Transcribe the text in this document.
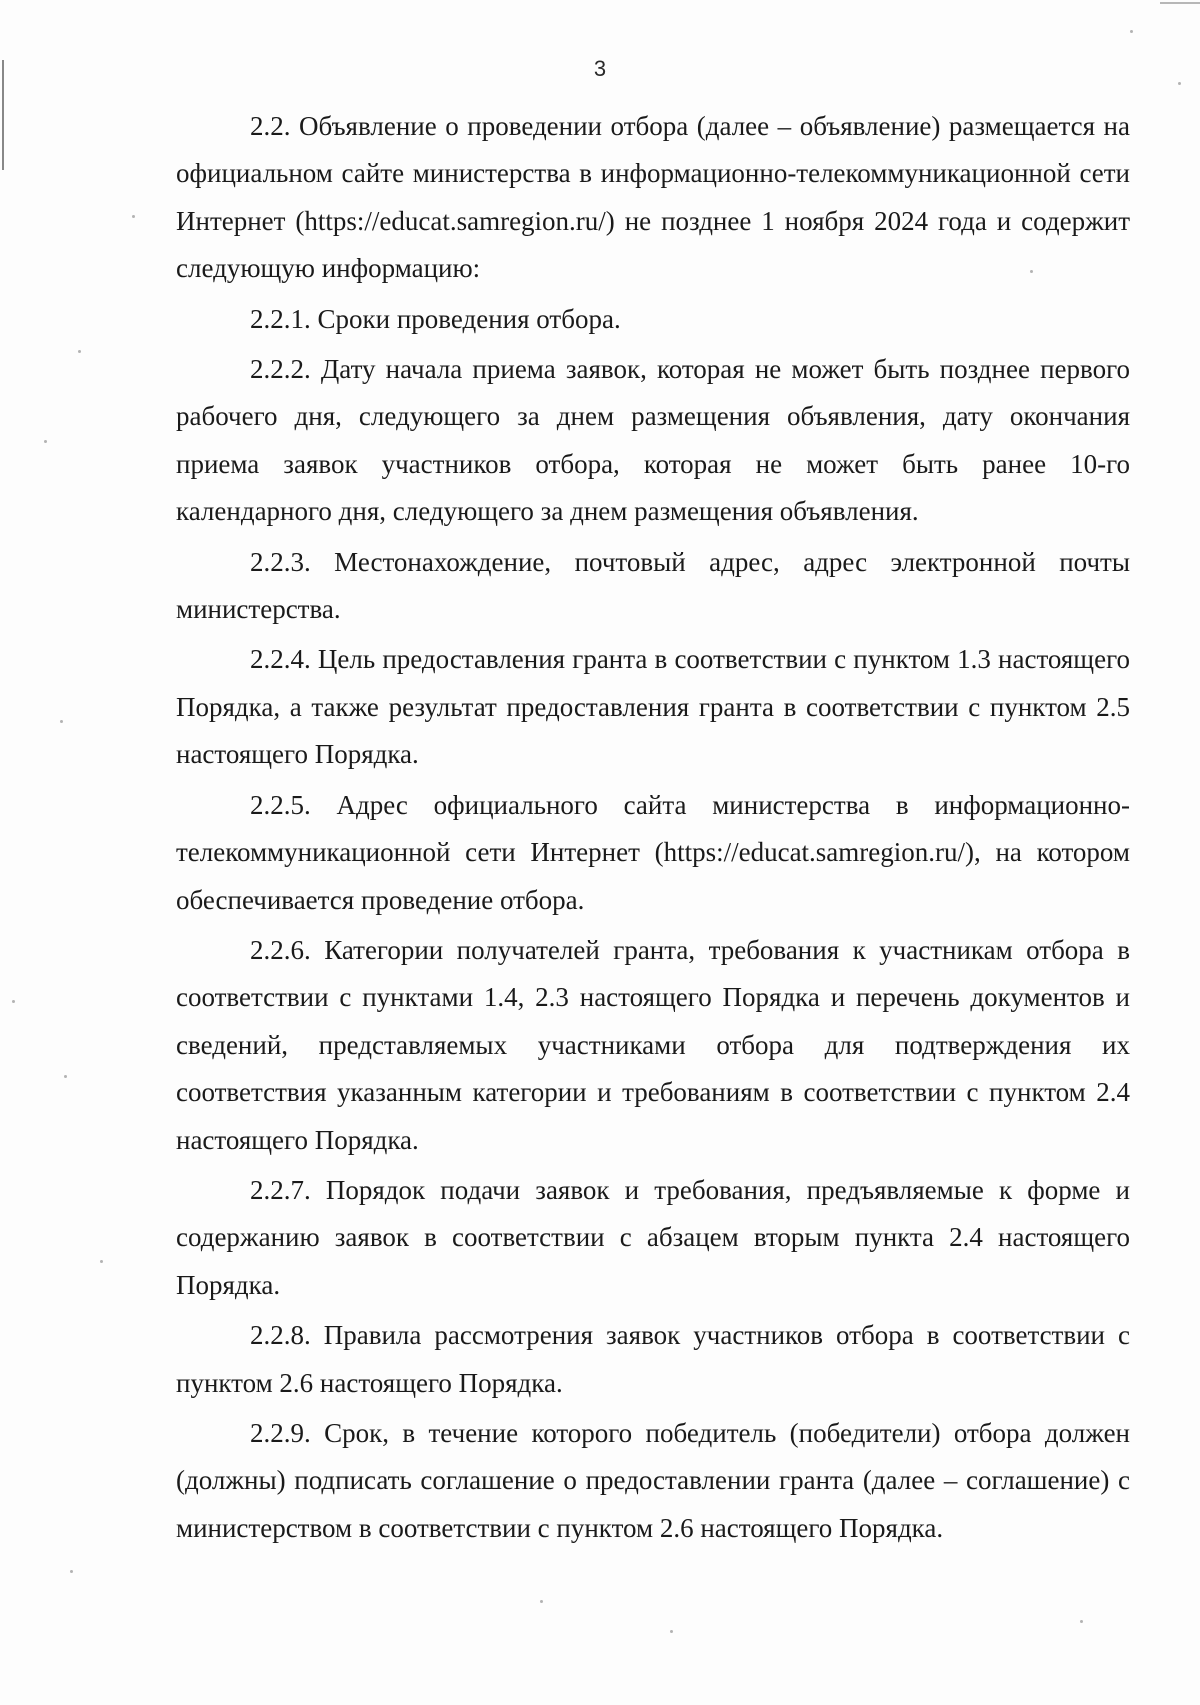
3

2.2. Объявление о проведении отбора (далее – объявление) размещается на официальном сайте министерства в информационно-телекоммуникационной сети Интернет (https://educat.samregion.ru/) не позднее 1 ноября 2024 года и содержит следующую информацию:

2.2.1. Сроки проведения отбора.

2.2.2. Дату начала приема заявок, которая не может быть позднее первого рабочего дня, следующего за днем размещения объявления, дату окончания приема заявок участников отбора, которая не может быть ранее 10-го календарного дня, следующего за днем размещения объявления.

2.2.3. Местонахождение, почтовый адрес, адрес электронной почты министерства.

2.2.4. Цель предоставления гранта в соответствии с пунктом 1.3 настоящего Порядка, а также результат предоставления гранта в соответствии с пунктом 2.5 настоящего Порядка.

2.2.5. Адрес официального сайта министерства в информационно-телекоммуникационной сети Интернет (https://educat.samregion.ru/), на котором обеспечивается проведение отбора.

2.2.6. Категории получателей гранта, требования к участникам отбора в соответствии с пунктами 1.4, 2.3 настоящего Порядка и перечень документов и сведений, представляемых участниками отбора для подтверждения их соответствия указанным категории и требованиям в соответствии с пунктом 2.4 настоящего Порядка.

2.2.7. Порядок подачи заявок и требования, предъявляемые к форме и содержанию заявок в соответствии с абзацем вторым пункта 2.4 настоящего Порядка.

2.2.8. Правила рассмотрения заявок участников отбора в соответствии с пунктом 2.6 настоящего Порядка.

2.2.9. Срок, в течение которого победитель (победители) отбора должен (должны) подписать соглашение о предоставлении гранта (далее – соглашение) с министерством в соответствии с пунктом 2.6 настоящего Порядка.
